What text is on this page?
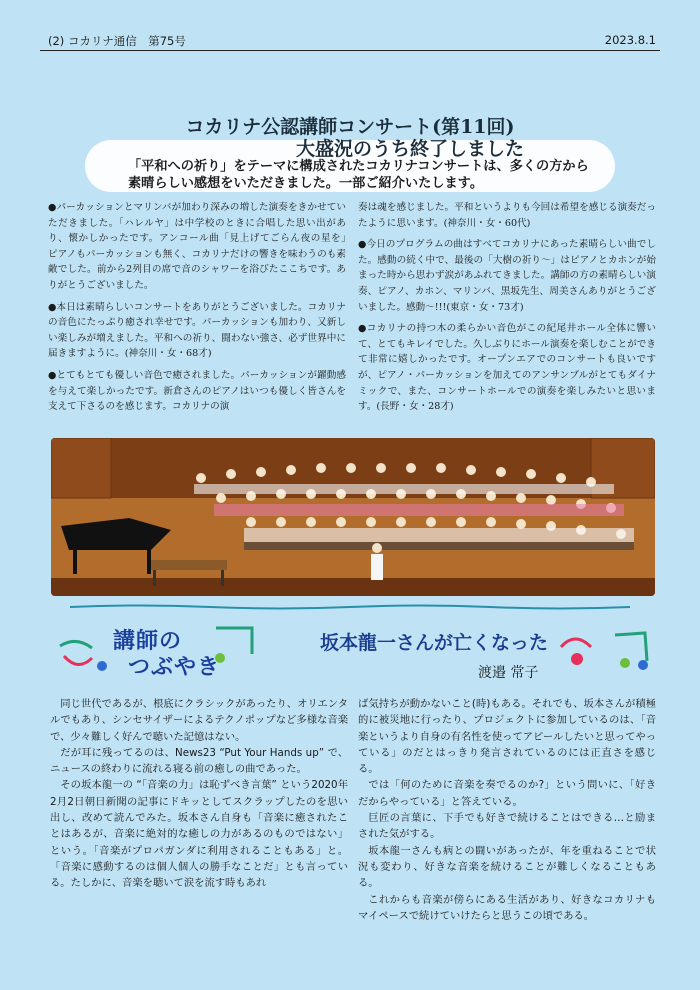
(2) コカリナ通信　第75号	2023.8.1
コカリナ公認講師コンサート(第11回)
大盛況のうち終了しました
「平和への祈り」をテーマに構成されたコカリナコンサートは、多くの方から
素晴らしい感想をいただきました。一部ご紹介いたします。

●パーカッションとマリンバが加わり深みの増した演奏をきかせていただきました。「ハレルヤ」は中学校のときに合唱した思い出があり、懐かしかったです。アンコール曲「見上げてごらん夜の星を」　ピアノもパーカッションも無く、コカリナだけの響きを味わうのも素敵でした。前から2列目の席で音のシャワーを浴びたここちです。ありがとうございました。

●本日は素晴らしいコンサートをありがとうございました。コカリナの音色にたっぷり癒され幸せです。パーカッションも加わり、又新しい楽しみが増えました。平和への祈り、闘わない強さ、必ず世界中に届きますように。(神奈川・女・68才)

●とてもとても優しい音色で癒されました。パーカッションが躍動感を与えて楽しかったです。新倉さんのピアノはいつも優しく皆さんを支えて下さるのを感じます。コカリナの演

奏は魂を感じました。平和というよりも今回は希望を感じる演奏だったように思います。(神奈川・女・60代)

●今日のプログラムの曲はすべてコカリナにあった素晴らしい曲でした。感動の続く中で、最後の「大樹の祈り～」はピアノとカホンが始まった時から思わず涙があふれてきました。講師の方の素晴らしい演奏、ピアノ、カホン、マリンバ、黒坂先生、周美さんありがとうございました。感動～!!!(東京・女・73才)

●コカリナの持つ木の柔らかい音色がこの紀尾井ホール全体に響いて、とてもキレイでした。久しぶりにホール演奏を楽しむことができて非常に嬉しかったです。オープンエアでのコンサートも良いですが、ピアノ・パーカッションを加えてのアンサンブルがとてもダイナミックで、また、コンサートホールでの演奏を楽しみたいと思います。(長野・女・28才)

講師の
つぶやき
坂本龍一さんが亡くなった
渡邉 常子

同じ世代であるが、根底にクラシックがあったり、オリエンタルでもあり、シンセサイザーによるテクノポップなど多様な音楽で、少々難しく好んで聴いた記憶はない。

だが耳に残ってるのは、News23 “Put Your Hands up” で、ニュースの終わりに流れる寝る前の癒しの曲であった。

その坂本龍一の “「音楽の力」は恥ずべき言葉” という2020年2月2日朝日新聞の記事にドキッとしてスクラップしたのを思い出し、改めて読んでみた。坂本さん自身も「音楽に癒されたことはあるが、音楽に絶対的な癒しの力があるのものではない」という。「音楽がプロパガンダに利用されることもある」と。「音楽に感動するのは個人個人の勝手なことだ」とも言っている。たしかに、音楽を聴いて涙を流す時もあれ

ば気持ちが動かないこと(時)もある。それでも、坂本さんが積極的に被災地に行ったり、プロジェクトに参加しているのは、「音楽というより自身の有名性を使ってアピールしたいと思ってやっている」のだとはっきり発言されているのには正直さを感じる。

では「何のために音楽を奏でるのか?」という問いに、「好きだからやっている」と答えている。

巨匠の言葉に、下手でも好きで続けることはできる…と励まされた気がする。

坂本龍一さんも病との闘いがあったが、年を重ねることで状況も変わり、好きな音楽を続けることが難しくなることもある。

これからも音楽が傍らにある生活があり、好きなコカリナもマイペースで続けていけたらと思うこの頃である。
